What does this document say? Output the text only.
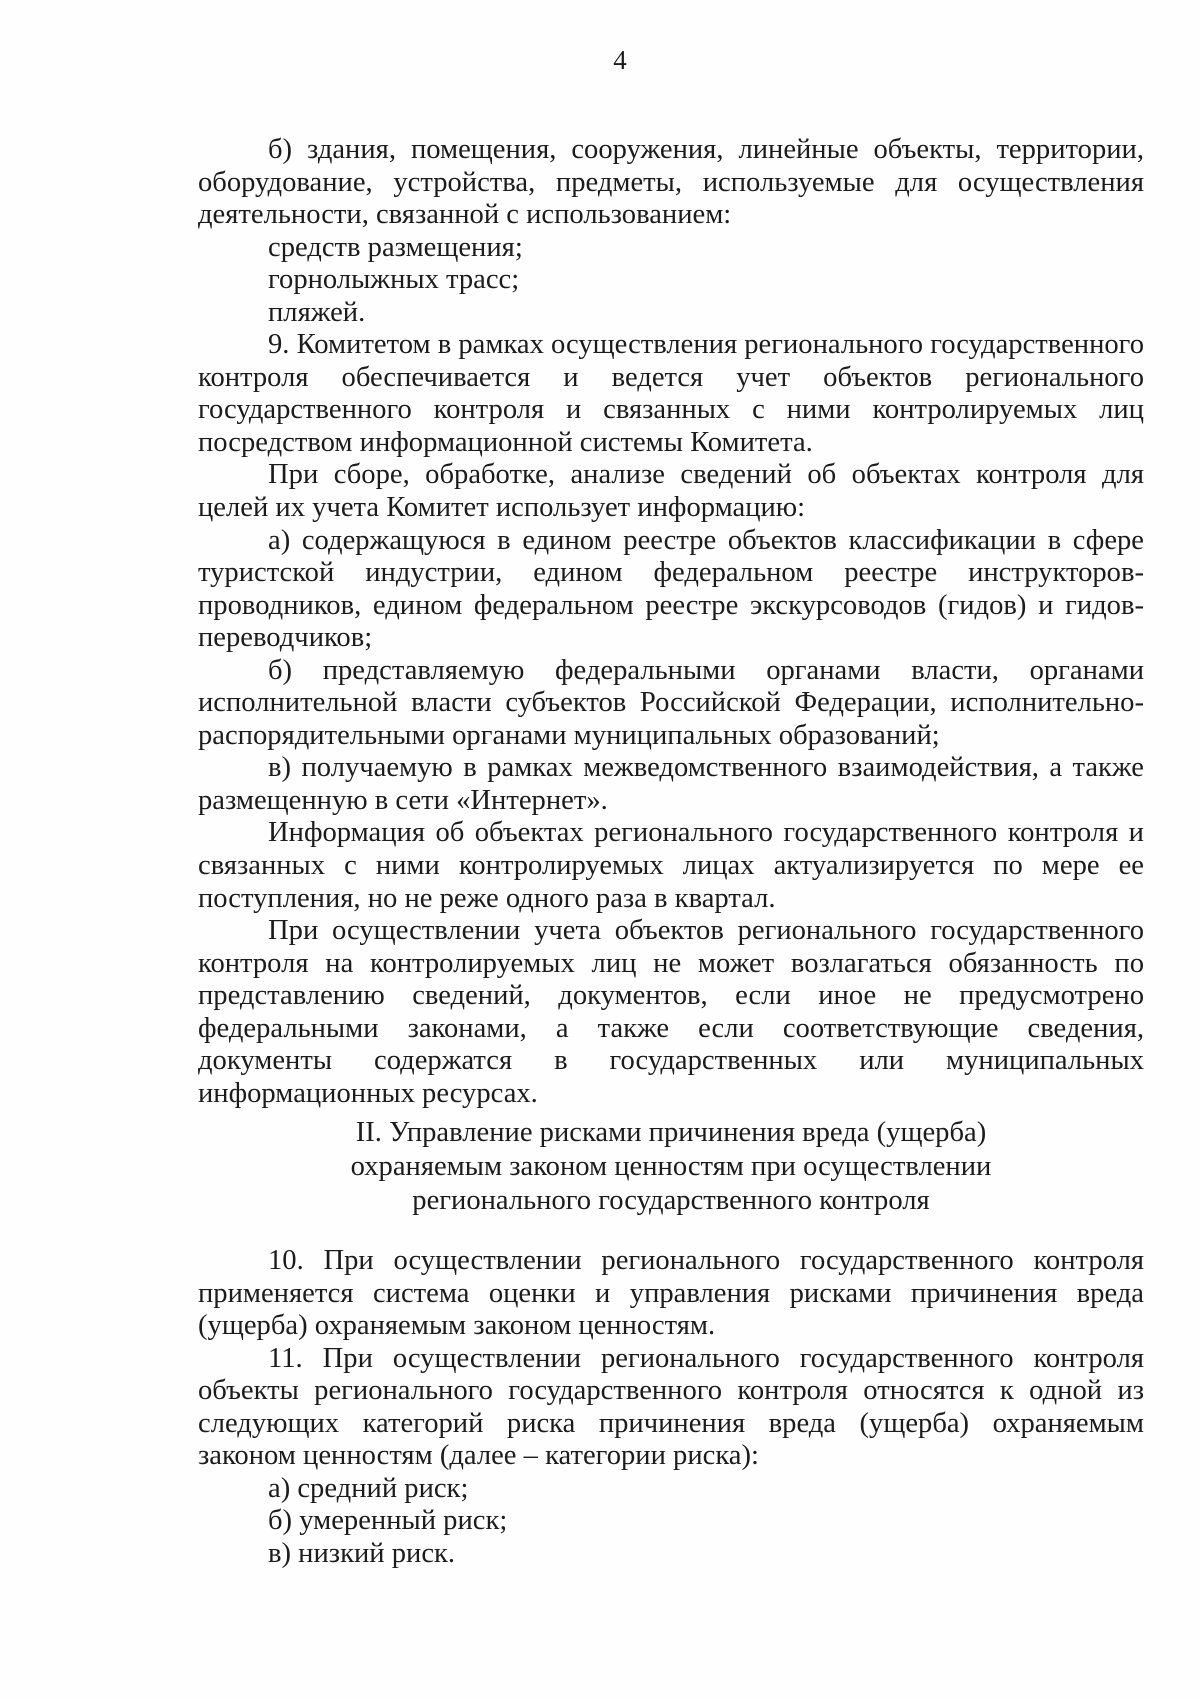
4

б) здания, помещения, сооружения, линейные объекты, территории, оборудование, устройства, предметы, используемые для осуществления деятельности, связанной с использованием:

средств размещения;

горнолыжных трасс;

пляжей.

9. Комитетом в рамках осуществления регионального государственного контроля обеспечивается и ведется учет объектов регионального государственного контроля и связанных с ними контролируемых лиц посредством информационной системы Комитета.

При сборе, обработке, анализе сведений об объектах контроля для целей их учета Комитет использует информацию:

а) содержащуюся в едином реестре объектов классификации в сфере туристской индустрии, едином федеральном реестре инструкторов-проводников, едином федеральном реестре экскурсоводов (гидов) и гидов-переводчиков;

б) представляемую федеральными органами власти, органами исполнительной власти субъектов Российской Федерации, исполнительно-распорядительными органами муниципальных образований;

в) получаемую в рамках межведомственного взаимодействия, а также размещенную в сети «Интернет».

Информация об объектах регионального государственного контроля и связанных с ними контролируемых лицах актуализируется по мере ее поступления, но не реже одного раза в квартал.

При осуществлении учета объектов регионального государственного контроля на контролируемых лиц не может возлагаться обязанность по представлению сведений, документов, если иное не предусмотрено федеральными законами, а также если соответствующие сведения, документы содержатся в государственных или муниципальных информационных ресурсах.

II. Управление рисками причинения вреда (ущерба)
охраняемым законом ценностям при осуществлении
регионального государственного контроля

10. При осуществлении регионального государственного контроля применяется система оценки и управления рисками причинения вреда (ущерба) охраняемым законом ценностям.

11. При осуществлении регионального государственного контроля объекты регионального государственного контроля относятся к одной из следующих категорий риска причинения вреда (ущерба) охраняемым законом ценностям (далее – категории риска):

а) средний риск;

б) умеренный риск;

в) низкий риск.
